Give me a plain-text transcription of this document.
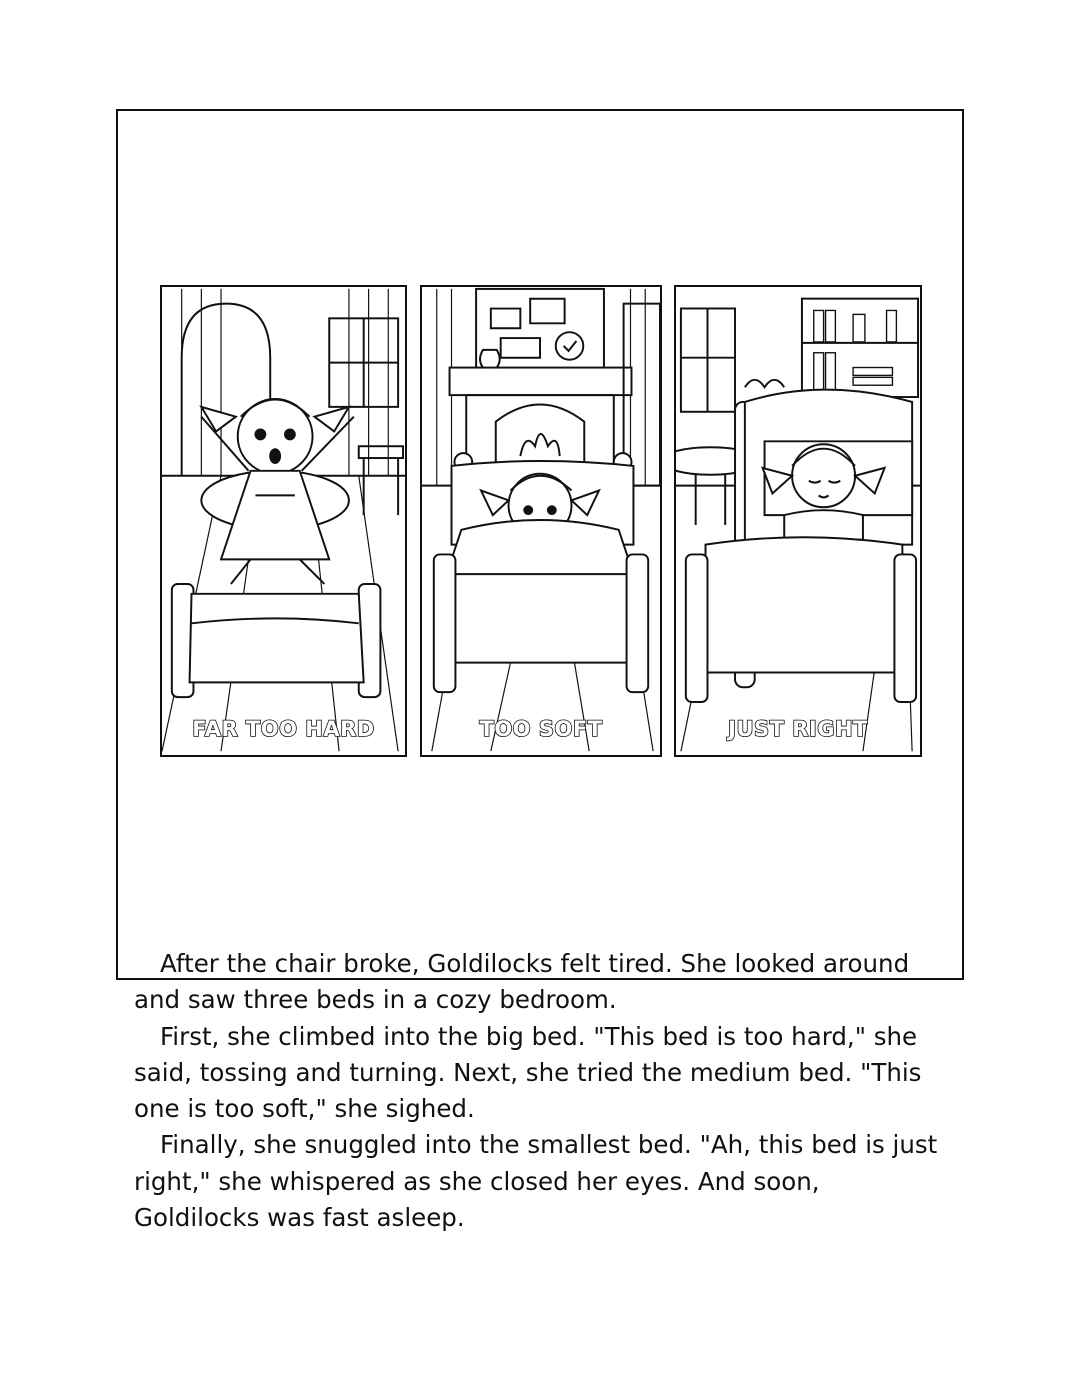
FAR TOO HARD	TOO SOFT	JUST RIGHT

After the chair broke, Goldilocks felt tired. She looked around and saw three beds in a cozy bedroom.

First, she climbed into the big bed. "This bed is too hard," she said, tossing and turning. Next, she tried the medium bed. "This one is too soft," she sighed.

Finally, she snuggled into the smallest bed. "Ah, this bed is just right," she whispered as she closed her eyes. And soon, Goldilocks was fast asleep.
